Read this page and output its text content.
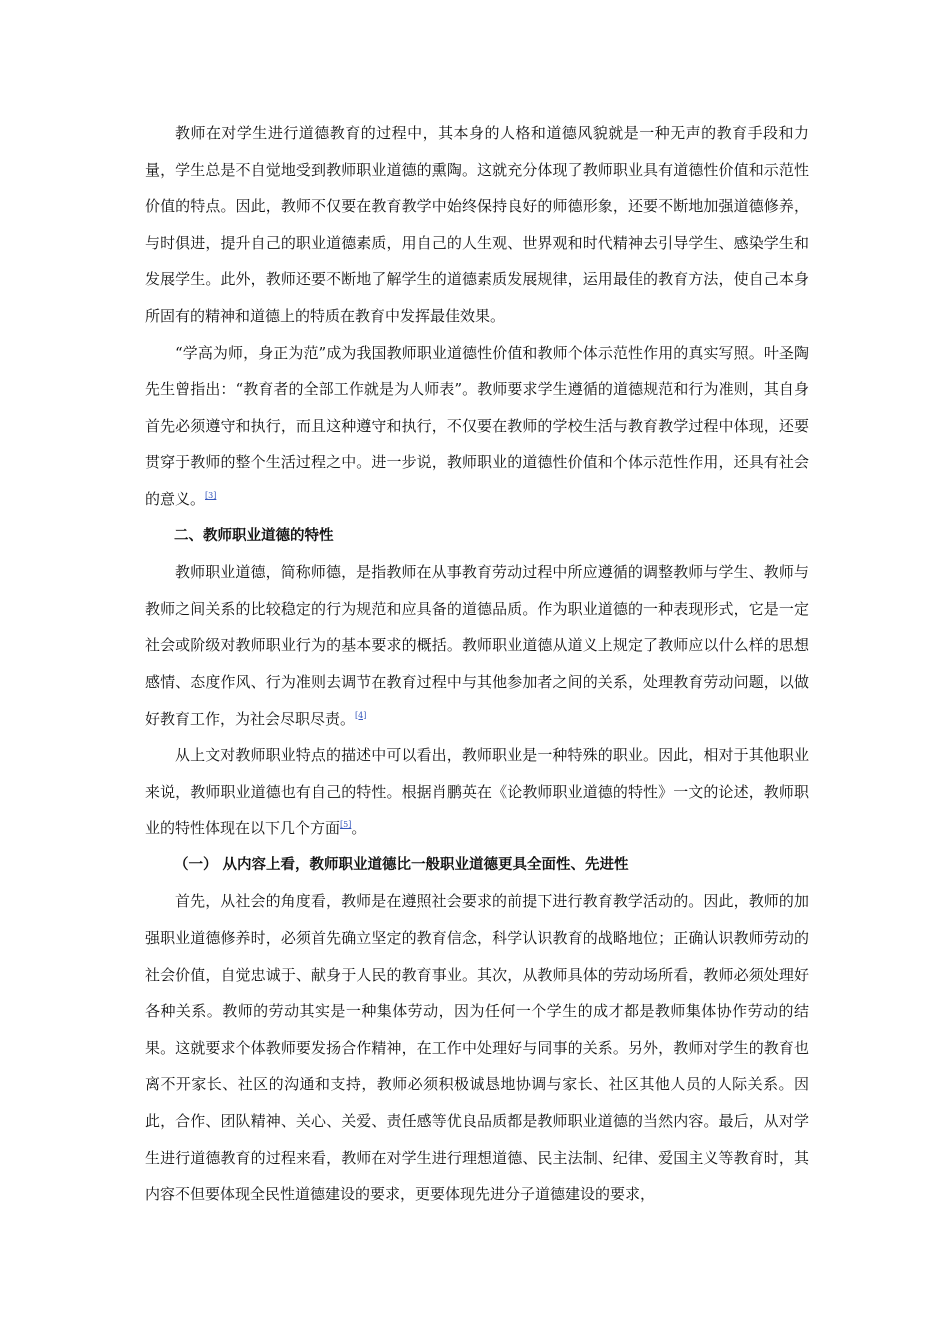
教师在对学生进行道德教育的过程中，其本身的人格和道德风貌就是一种无声的教育手段和力量，学生总是不自觉地受到教师职业道德的熏陶。这就充分体现了教师职业具有道德性价值和示范性价值的特点。因此，教师不仅要在教育教学中始终保持良好的师德形象，还要不断地加强道德修养，与时俱进，提升自己的职业道德素质，用自己的人生观、世界观和时代精神去引导学生、感染学生和发展学生。此外，教师还要不断地了解学生的道德素质发展规律，运用最佳的教育方法，使自己本身所固有的精神和道德上的特质在教育中发挥最佳效果。

“学高为师，身正为范”成为我国教师职业道德性价值和教师个体示范性作用的真实写照。叶圣陶先生曾指出：“教育者的全部工作就是为人师表”。教师要求学生遵循的道德规范和行为准则，其自身首先必须遵守和执行，而且这种遵守和执行，不仅要在教师的学校生活与教育教学过程中体现，还要贯穿于教师的整个生活过程之中。进一步说，教师职业的道德性价值和个体示范性作用，还具有社会的意义。[3]

二、教师职业道德的特性

教师职业道德，简称师德，是指教师在从事教育劳动过程中所应遵循的调整教师与学生、教师与教师之间关系的比较稳定的行为规范和应具备的道德品质。作为职业道德的一种表现形式，它是一定社会或阶级对教师职业行为的基本要求的概括。教师职业道德从道义上规定了教师应以什么样的思想感情、态度作风、行为准则去调节在教育过程中与其他参加者之间的关系，处理教育劳动问题，以做好教育工作，为社会尽职尽责。[4]

从上文对教师职业特点的描述中可以看出，教师职业是一种特殊的职业。因此，相对于其他职业来说，教师职业道德也有自己的特性。根据肖鹏英在《论教师职业道德的特性》一文的论述，教师职业的特性体现在以下几个方面[5]。

（一） 从内容上看，教师职业道德比一般职业道德更具全面性、先进性

首先，从社会的角度看，教师是在遵照社会要求的前提下进行教育教学活动的。因此，教师的加强职业道德修养时，必须首先确立坚定的教育信念，科学认识教育的战略地位；正确认识教师劳动的社会价值，自觉忠诚于、献身于人民的教育事业。其次，从教师具体的劳动场所看，教师必须处理好各种关系。教师的劳动其实是一种集体劳动，因为任何一个学生的成才都是教师集体协作劳动的结果。这就要求个体教师要发扬合作精神，在工作中处理好与同事的关系。另外，教师对学生的教育也离不开家长、社区的沟通和支持，教师必须积极诚恳地协调与家长、社区其他人员的人际关系。因此，合作、团队精神、关心、关爱、责任感等优良品质都是教师职业道德的当然内容。最后，从对学生进行道德教育的过程来看，教师在对学生进行理想道德、民主法制、纪律、爱国主义等教育时，其内容不但要体现全民性道德建设的要求，更要体现先进分子道德建设的要求，
